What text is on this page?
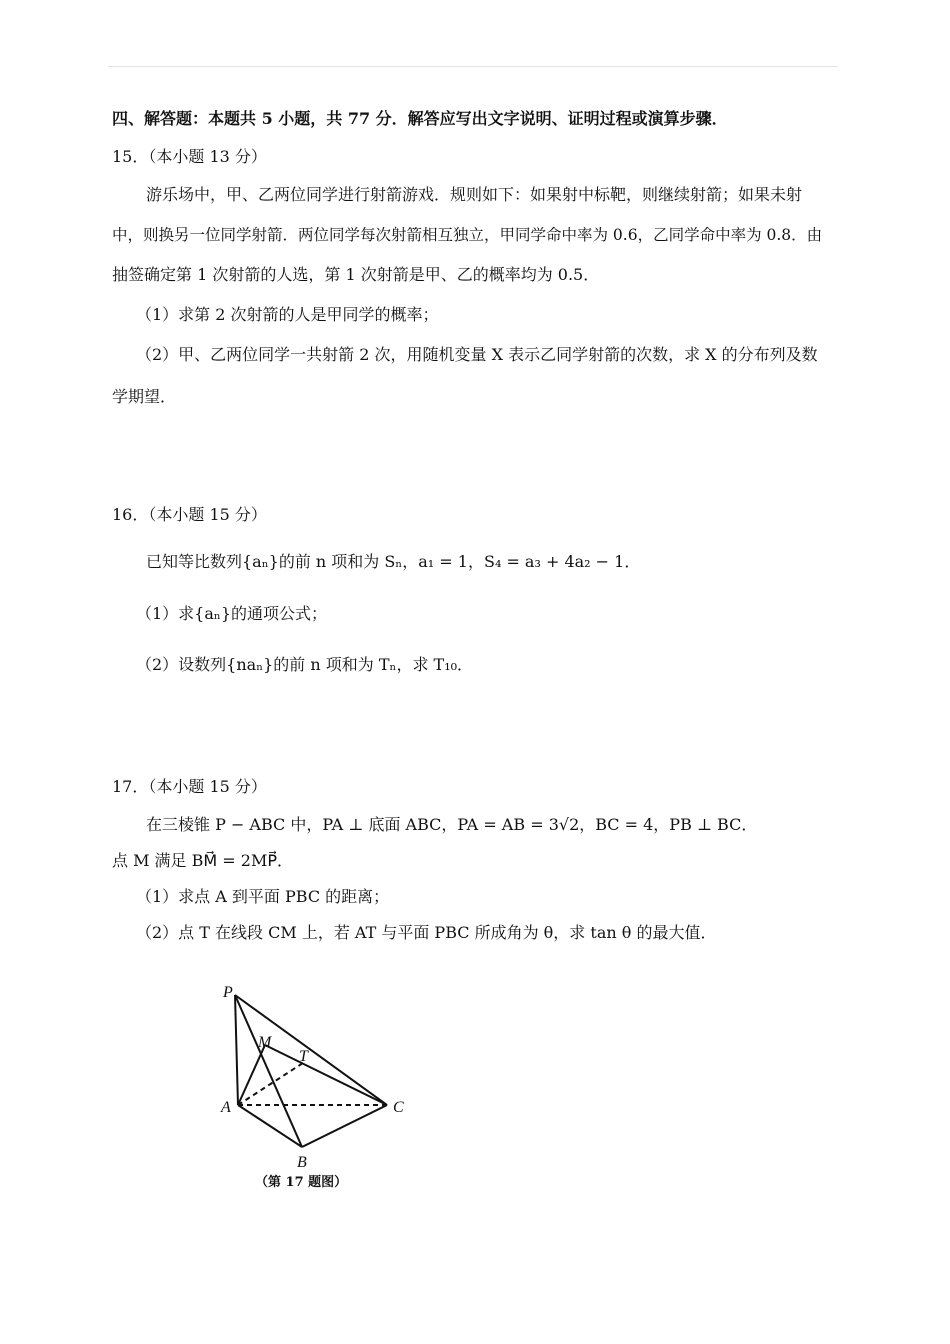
四、解答题：本题共 5 小题，共 77 分．解答应写出文字说明、证明过程或演算步骤．
15．（本小题 13 分）
游乐场中，甲、乙两位同学进行射箭游戏．规则如下：如果射中标靶，则继续射箭；如果未射
中，则换另一位同学射箭．两位同学每次射箭相互独立，甲同学命中率为 0.6，乙同学命中率为 0.8．由
抽签确定第 1 次射箭的人选，第 1 次射箭是甲、乙的概率均为 0.5．
（1）求第 2 次射箭的人是甲同学的概率；
（2）甲、乙两位同学一共射箭 2 次，用随机变量 X 表示乙同学射箭的次数，求 X 的分布列及数
学期望．
16．（本小题 15 分）
已知等比数列{aₙ}的前 n 项和为 Sₙ，a₁ = 1，S₄ = a₃ + 4a₂ − 1．
（1）求{aₙ}的通项公式；
（2）设数列{naₙ}的前 n 项和为 Tₙ，求 T₁₀．
17．（本小题 15 分）
在三棱锥 P − ABC 中，PA ⊥ 底面 ABC，PA = AB = 3√2，BC = 4，PB ⊥ BC．
点 M 满足 BM⃗ = 2MP⃗．
（1）求点 A 到平面 PBC 的距离；
（2）点 T 在线段 CM 上，若 AT 与平面 PBC 所成角为 θ，求 tan θ 的最大值．
P
M
T
A	C
B
（第 17 题图）
